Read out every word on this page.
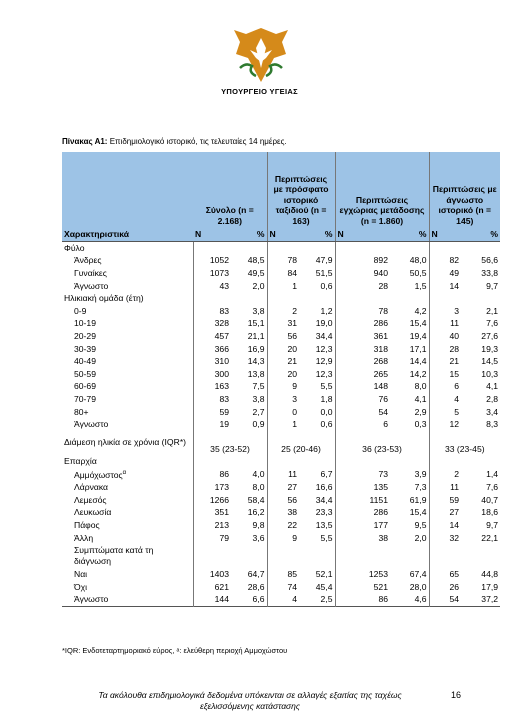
ΥΠΟΥΡΓΕΙΟ ΥΓΕΙΑΣ
Πίνακας Α1: Επιδημιολογικό ιστορικό, τις τελευταίες 14 ημέρες.
	Σύνολο (n = 2.168)		Περιπτώσεις με πρόσφατο ιστορικό ταξιδιού (n = 163)		Περιπτώσεις εγχώριας μετάδοσης (n = 1.860)		Περιπτώσεις με άγνωστο ιστορικό (n = 145)	
Χαρακτηριστικά	N	%	N	%	N	%	N	%
Φύλο								
Άνδρες	1052	48,5	78	47,9	892	48,0	82	56,6
Γυναίκες	1073	49,5	84	51,5	940	50,5	49	33,8
Άγνωστο	43	2,0	1	0,6	28	1,5	14	9,7
Ηλικιακή ομάδα (έτη)								
0-9	83	3,8	2	1,2	78	4,2	3	2,1
10-19	328	15,1	31	19,0	286	15,4	11	7,6
20-29	457	21,1	56	34,4	361	19,4	40	27,6
30-39	366	16,9	20	12,3	318	17,1	28	19,3
40-49	310	14,3	21	12,9	268	14,4	21	14,5
50-59	300	13,8	20	12,3	265	14,2	15	10,3
60-69	163	7,5	9	5,5	148	8,0	6	4,1
70-79	83	3,8	3	1,8	76	4,1	4	2,8
80+	59	2,7	0	0,0	54	2,9	5	3,4
Άγνωστο	19	0,9	1	0,6	6	0,3	12	8,3
Διάμεση ηλικία σε χρόνια (IQR*)	35 (23-52)		25 (20-46)		36 (23-53)		33 (23-45)	
Επαρχία								
Αμμόχωστος$^\alpha$	86	4,0	11	6,7	73	3,9	2	1,4
Λάρνακα	173	8,0	27	16,6	135	7,3	11	7,6
Λεμεσός	1266	58,4	56	34,4	1151	61,9	59	40,7
Λευκωσία	351	16,2	38	23,3	286	15,4	27	18,6
Πάφος	213	9,8	22	13,5	177	9,5	14	9,7
Άλλη	79	3,6	9	5,5	38	2,0	32	22,1
Συμπτώματα κατά τη διάγνωση								
Ναι	1403	64,7	85	52,1	1253	67,4	65	44,8
Όχι	621	28,6	74	45,4	521	28,0	26	17,9
Άγνωστο	144	6,6	4	2,5	86	4,6	54	37,2
*IQR: Ενδοτεταρτημοριακό εύρος, ᵃ: ελεύθερη περιοχή Αμμοχώστου
Τα ακόλουθα επιδημιολογικά δεδομένα υπόκεινται σε αλλαγές εξαιτίας της ταχέως εξελισσόμενης κατάστασης
16
